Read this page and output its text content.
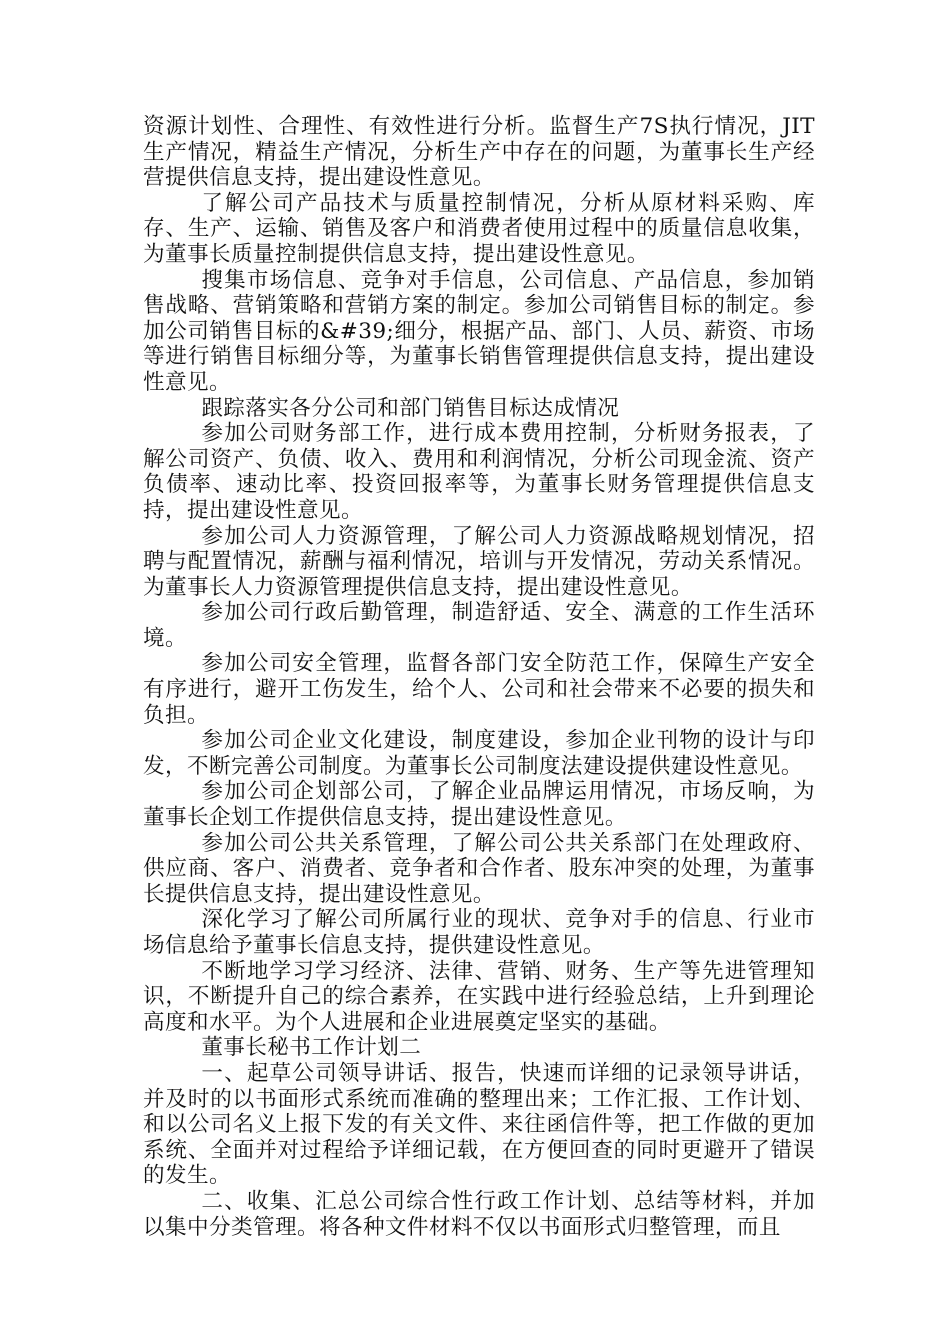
资源计划性、合理性、有效性进行分析。监督生产7S执行情况，JIT生产情况，精益生产情况，分析生产中存在的问题，为董事长生产经营提供信息支持，提出建设性意见。

了解公司产品技术与质量控制情况，分析从原材料采购、库存、生产、运输、销售及客户和消费者使用过程中的质量信息收集，为董事长质量控制提供信息支持，提出建设性意见。

搜集市场信息、竞争对手信息，公司信息、产品信息，参加销售战略、营销策略和营销方案的制定。参加公司销售目标的制定。参加公司销售目标的&#39;细分，根据产品、部门、人员、薪资、市场等进行销售目标细分等，为董事长销售管理提供信息支持，提出建设性意见。

跟踪落实各分公司和部门销售目标达成情况

参加公司财务部工作，进行成本费用控制，分析财务报表，了解公司资产、负债、收入、费用和利润情况，分析公司现金流、资产负债率、速动比率、投资回报率等，为董事长财务管理提供信息支持，提出建设性意见。

参加公司人力资源管理，了解公司人力资源战略规划情况，招聘与配置情况，薪酬与福利情况，培训与开发情况，劳动关系情况。为董事长人力资源管理提供信息支持，提出建设性意见。

参加公司行政后勤管理，制造舒适、安全、满意的工作生活环境。

参加公司安全管理，监督各部门安全防范工作，保障生产安全有序进行，避开工伤发生，给个人、公司和社会带来不必要的损失和负担。

参加公司企业文化建设，制度建设，参加企业刊物的设计与印发，不断完善公司制度。为董事长公司制度法建设提供建设性意见。

参加公司企划部公司，了解企业品牌运用情况，市场反响，为董事长企划工作提供信息支持，提出建设性意见。

参加公司公共关系管理，了解公司公共关系部门在处理政府、供应商、客户、消费者、竞争者和合作者、股东冲突的处理，为董事长提供信息支持，提出建设性意见。

深化学习了解公司所属行业的现状、竞争对手的信息、行业市场信息给予董事长信息支持，提供建设性意见。

不断地学习学习经济、法律、营销、财务、生产等先进管理知识，不断提升自己的综合素养，在实践中进行经验总结，上升到理论高度和水平。为个人进展和企业进展奠定坚实的基础。

董事长秘书工作计划二

一、起草公司领导讲话、报告，快速而详细的记录领导讲话，并及时的以书面形式系统而准确的整理出来；工作汇报、工作计划、和以公司名义上报下发的有关文件、来往函信件等，把工作做的更加系统、全面并对过程给予详细记载，在方便回查的同时更避开了错误的发生。

二、收集、汇总公司综合性行政工作计划、总结等材料，并加以集中分类管理。将各种文件材料不仅以书面形式归整管理，而且
